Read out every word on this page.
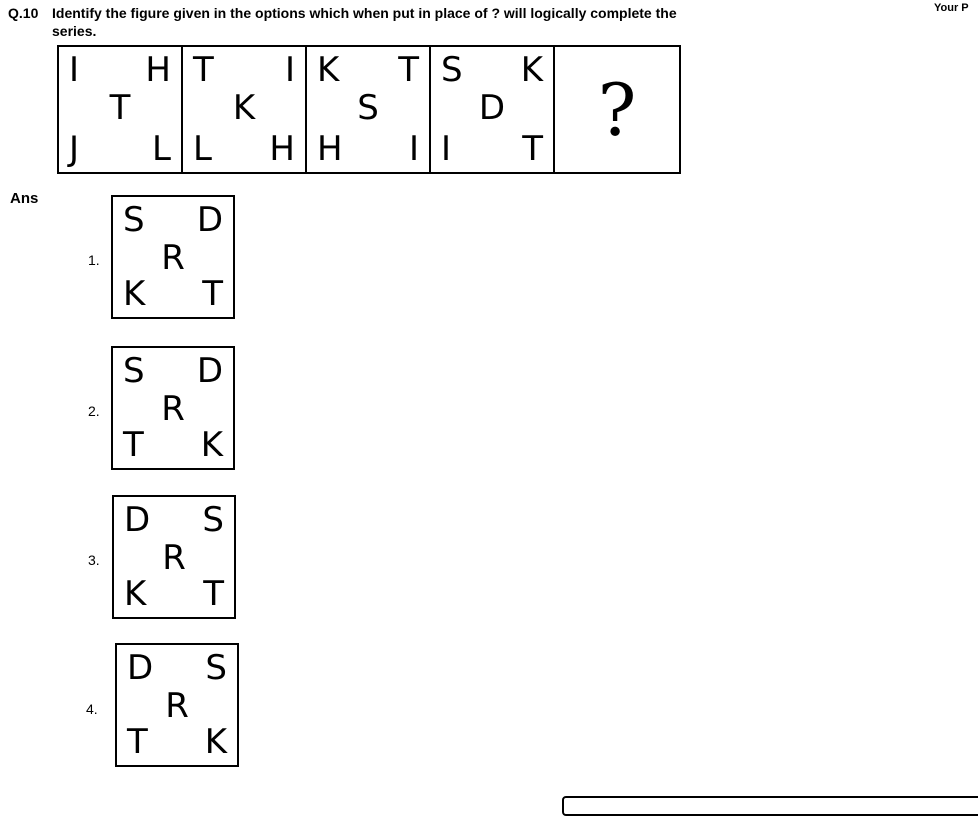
Q.10 Identify the figure given in the options which when put in place of ? will logically complete the series.
Your P
I H
T
J L
T I
K
L H
K T
S
H I
S K
D
I T ?
Ans
1.
S D
R
K T
2.
S D
R
T K
3.
D S
R
K T
4.
D S
R
T K
